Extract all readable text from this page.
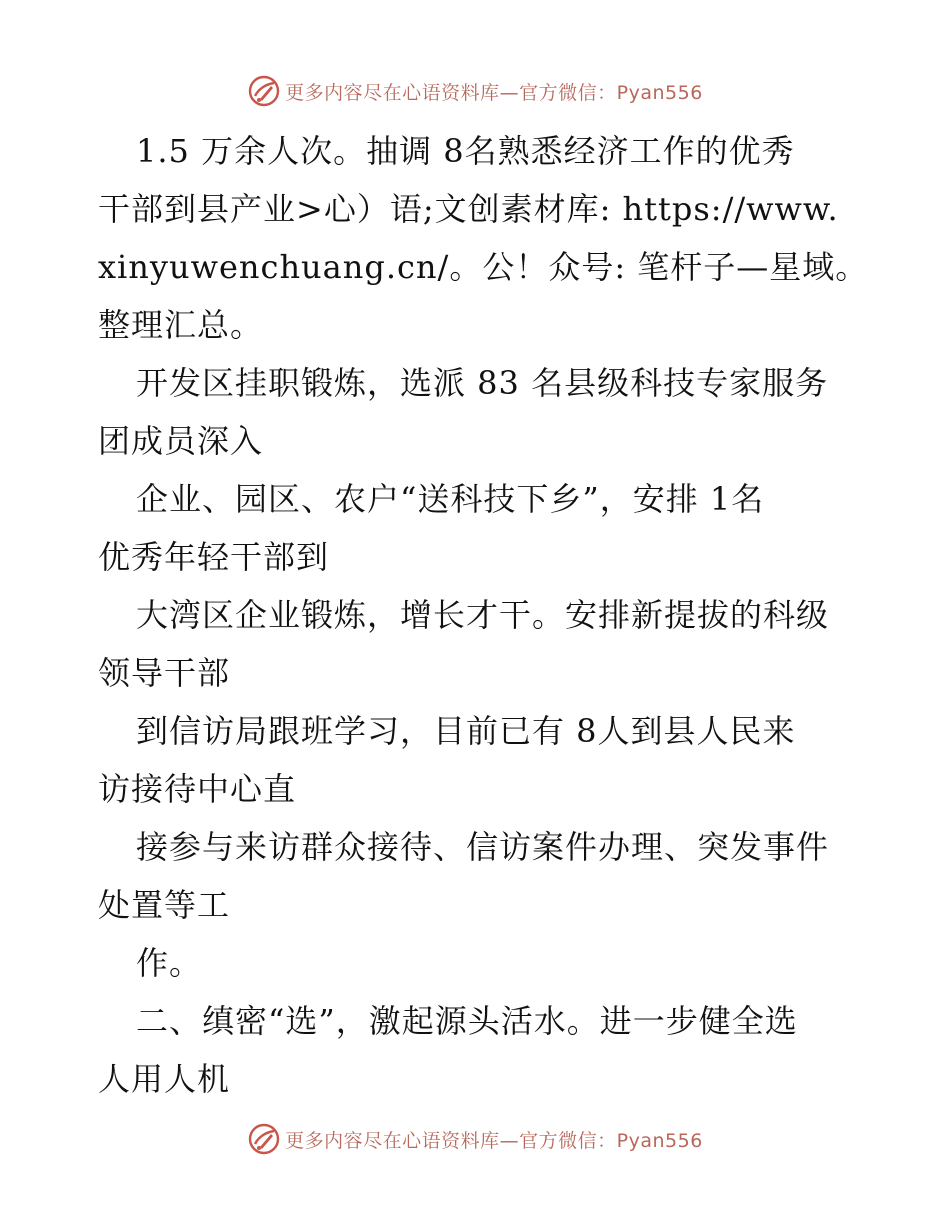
更多内容尽在心语资料库—官方微信：Pyan556
1.5 万余人次。抽调 8名熟悉经济工作的优秀
干部到县产业>心）语;文创素材库: https://www.
xinyuwenchuang.cn/。公！众号: 笔杆子—星域。
整理汇总。
开发区挂职锻炼，选派 83 名县级科技专家服务
团成员深入
企业、园区、农户“送科技下乡”，安排 1名
优秀年轻干部到
大湾区企业锻炼，增长才干。安排新提拔的科级
领导干部
到信访局跟班学习，目前已有 8人到县人民来
访接待中心直
接参与来访群众接待、信访案件办理、突发事件
处置等工
作。
二、缜密“选”，激起源头活水。进一步健全选
人用人机
更多内容尽在心语资料库—官方微信：Pyan556
